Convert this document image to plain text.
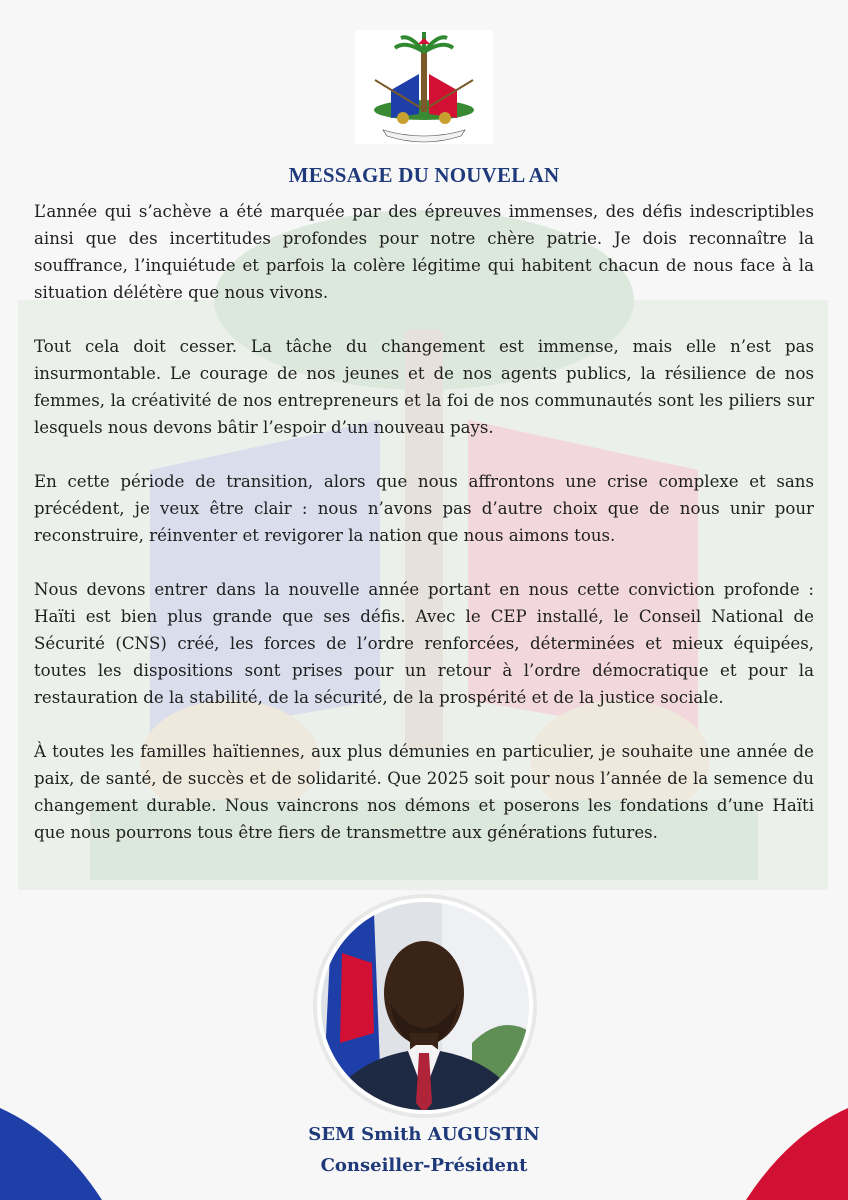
MESSAGE DU NOUVEL AN

L’année qui s’achève a été marquée par des épreuves immenses, des défis indescriptibles ainsi que des incertitudes profondes pour notre chère patrie. Je dois reconnaître la souffrance, l’inquiétude et parfois la colère légitime qui habitent chacun de nous face à la situation délétère que nous vivons.

Tout cela doit cesser. La tâche du changement est immense, mais elle n’est pas insurmontable. Le courage de nos jeunes et de nos agents publics, la résilience de nos femmes, la créativité de nos entrepreneurs et la foi de nos communautés sont les piliers sur lesquels nous devons bâtir l’espoir d’un nouveau pays.

En cette période de transition, alors que nous affrontons une crise complexe et sans précédent, je veux être clair : nous n’avons pas d’autre choix que de nous unir pour reconstruire, réinventer et revigorer la nation que nous aimons tous.

Nous devons entrer dans la nouvelle année portant en nous cette conviction profonde : Haïti est bien plus grande que ses défis. Avec le CEP installé, le Conseil National de Sécurité (CNS) créé, les forces de l’ordre renforcées, déterminées et mieux équipées, toutes les dispositions sont prises pour un retour à l’ordre démocratique et pour la restauration de la stabilité, de la sécurité, de la prospérité et de la justice sociale.

À toutes les familles haïtiennes, aux plus démunies en particulier, je souhaite une année de paix, de santé, de succès et de solidarité. Que 2025 soit pour nous l’année de la semence du changement durable. Nous vaincrons nos démons et poserons les fondations d’une Haïti que nous pourrons tous être fiers de transmettre aux générations futures.

SEM Smith AUGUSTIN
Conseiller-Président
